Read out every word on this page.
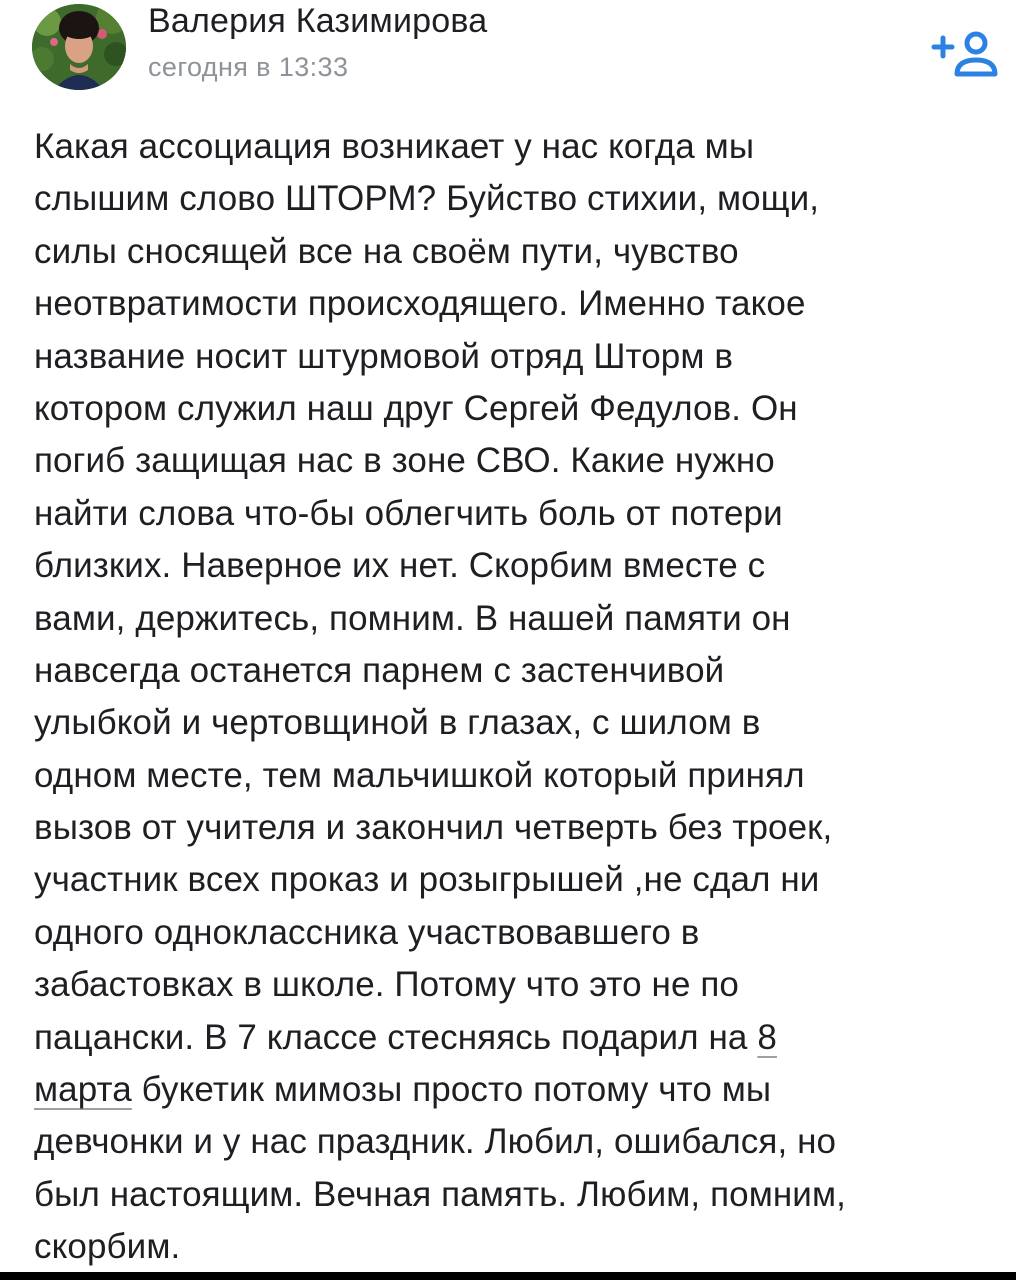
Валерия Казимирова
сегодня в 13:33
Какая ассоциация возникает у нас когда мы
слышим слово ШТОРМ? Буйство стихии, мощи,
силы сносящей все на своём пути, чувство
неотвратимости происходящего. Именно такое
название носит штурмовой отряд Шторм в
котором служил наш друг Сергей Федулов. Он
погиб защищая нас в зоне СВО. Какие нужно
найти слова что-бы облегчить боль от потери
близких. Наверное их нет. Скорбим вместе с
вами, держитесь, помним. В нашей памяти он
навсегда останется парнем с застенчивой
улыбкой и чертовщиной в глазах, с шилом в
одном месте, тем мальчишкой который принял
вызов от учителя и закончил четверть без троек,
участник всех проказ и розыгрышей ,не сдал ни
одного одноклассника участвовавшего в
забастовках в школе. Потому что это не по
пацански. В 7 классе стесняясь подарил на 8
марта букетик мимозы просто потому что мы
девчонки и у нас праздник. Любил, ошибался, но
был настоящим. Вечная память. Любим, помним,
скорбим.
